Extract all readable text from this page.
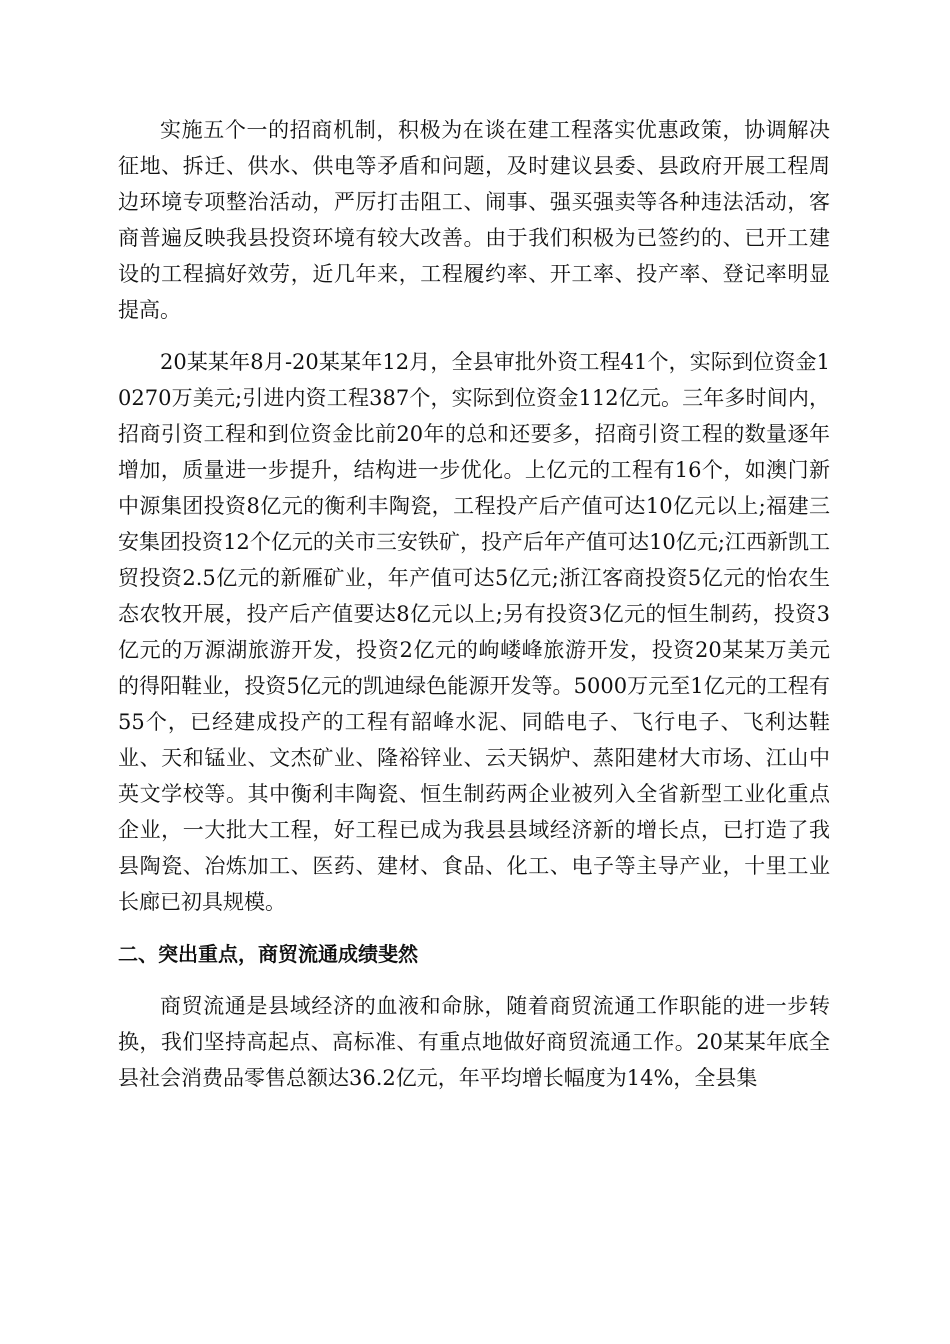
实施五个一的招商机制，积极为在谈在建工程落实优惠政策，协调解决征地、拆迁、供水、供电等矛盾和问题，及时建议县委、县政府开展工程周边环境专项整治活动，严厉打击阻工、闹事、强买强卖等各种违法活动，客商普遍反映我县投资环境有较大改善。由于我们积极为已签约的、已开工建设的工程搞好效劳，近几年来，工程履约率、开工率、投产率、登记率明显提高。

20某某年8月-20某某年12月，全县审批外资工程41个，实际到位资金10270万美元;引进内资工程387个，实际到位资金112亿元。三年多时间内，招商引资工程和到位资金比前20年的总和还要多，招商引资工程的数量逐年增加，质量进一步提升，结构进一步优化。上亿元的工程有16个，如澳门新中源集团投资8亿元的衡利丰陶瓷，工程投产后产值可达10亿元以上;福建三安集团投资12个亿元的关市三安铁矿，投产后年产值可达10亿元;江西新凯工贸投资2.5亿元的新雁矿业，年产值可达5亿元;浙江客商投资5亿元的怡农生态农牧开展，投产后产值要达8亿元以上;另有投资3亿元的恒生制药，投资3亿元的万源湖旅游开发，投资2亿元的岣嵝峰旅游开发，投资20某某万美元的得阳鞋业，投资5亿元的凯迪绿色能源开发等。5000万元至1亿元的工程有55个，已经建成投产的工程有韶峰水泥、同皓电子、飞行电子、飞利达鞋业、天和锰业、文杰矿业、隆裕锌业、云天锅炉、蒸阳建材大市场、江山中英文学校等。其中衡利丰陶瓷、恒生制药两企业被列入全省新型工业化重点企业，一大批大工程，好工程已成为我县县域经济新的增长点，已打造了我县陶瓷、冶炼加工、医药、建材、食品、化工、电子等主导产业，十里工业长廊已初具规模。

二、突出重点，商贸流通成绩斐然

商贸流通是县域经济的血液和命脉，随着商贸流通工作职能的进一步转换，我们坚持高起点、高标准、有重点地做好商贸流通工作。20某某年底全县社会消费品零售总额达36.2亿元，年平均增长幅度为14%，全县集
